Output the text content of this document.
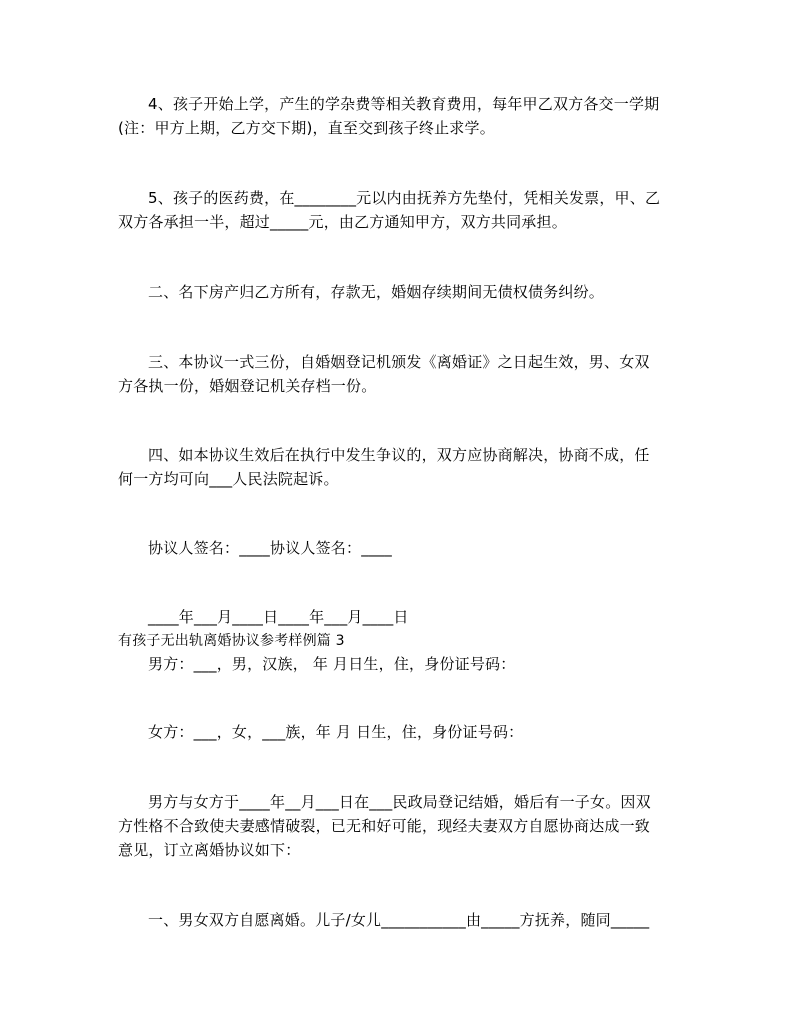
4、孩子开始上学，产生的学杂费等相关教育费用，每年甲乙双方各交一学期
(注：甲方上期，乙方交下期)，直至交到孩子终止求学。
5、孩子的医药费，在________元以内由抚养方先垫付，凭相关发票，甲、乙
双方各承担一半，超过_____元，由乙方通知甲方，双方共同承担。
二、名下房产归乙方所有，存款无，婚姻存续期间无债权债务纠纷。
三、本协议一式三份，自婚姻登记机颁发《离婚证》之日起生效，男、女双
方各执一份，婚姻登记机关存档一份。
四、如本协议生效后在执行中发生争议的，双方应协商解决，协商不成，任
何一方均可向___人民法院起诉。
协议人签名：____协议人签名：____
____年___月____日____年___月____日
有孩子无出轨离婚协议参考样例篇 3
男方：___，男，汉族， 年 月日生，住，身份证号码：
女方：___，女，___族，年 月 日生，住，身份证号码：
男方与女方于____年__月___日在___民政局登记结婚，婚后有一子女。因双
方性格不合致使夫妻感情破裂，已无和好可能，现经夫妻双方自愿协商达成一致
意见，订立离婚协议如下：
一、男女双方自愿离婚。儿子/女儿___________由_____方抚养，随同_____
